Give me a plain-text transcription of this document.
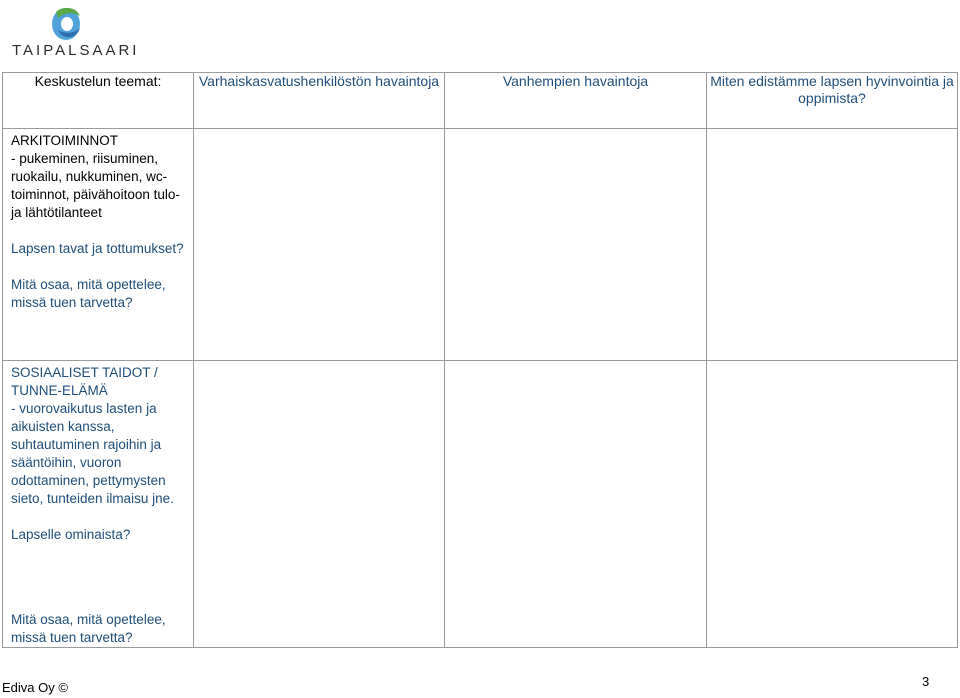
TAIPALSAARI
Keskustelun teemat:	Varhaiskasvatushenkilöstön havaintoja	Vanhempien havaintoja	Miten edistämme lapsen hyvinvointia ja oppimista?

ARKITOIMINNOT
- pukeminen, riisuminen, ruokailu, nukkuminen, wc-toiminnot, päivähoitoon tulo- ja lähtötilanteet
Lapsen tavat ja tottumukset?
Mitä osaa, mitä opettelee, missä tuen tarvetta?			

SOSIAALISET TAIDOT / TUNNE-ELÄMÄ
- vuorovaikutus lasten ja aikuisten kanssa, suhtautuminen rajoihin ja sääntöihin, vuoron odottaminen, pettymysten sieto, tunteiden ilmaisu jne.
Lapselle ominaista?
Mitä osaa, mitä opettelee, missä tuen tarvetta?			

Ediva Oy ©	3
